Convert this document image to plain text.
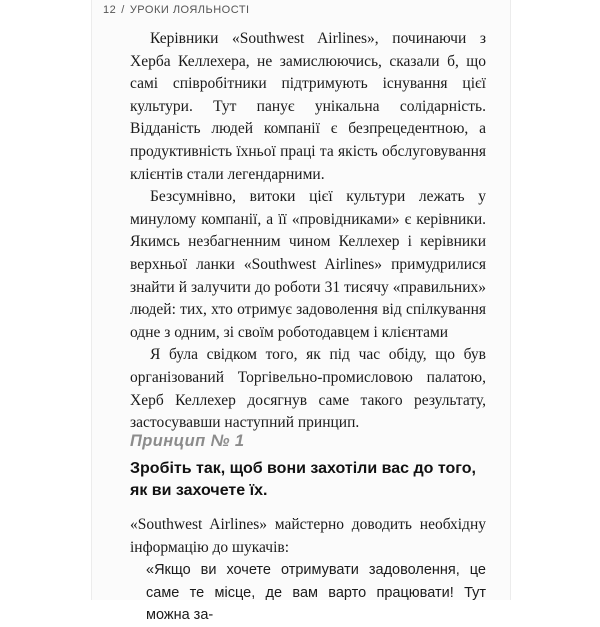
12 / УРОКИ ЛОЯЛЬНОСТІ

Керівники «Southwest Airlines», починаючи з Херба Келлехера, не замислюючись, сказали б, що самі співробітники підтримують існування цієї культури. Тут панує унікальна солідарність. Відданість людей компанії є безпрецедентною, а продуктивність їхньої праці та якість обслуговування клієнтів стали легендарними.

Безсумнівно, витоки цієї культури лежать у минулому компанії, а її «провідниками» є керівники. Якимсь незбагненним чином Келлехер і керівники верхньої ланки «Southwest Airlines» примудрилися знайти й залучити до роботи 31 тисячу «правильних» людей: тих, хто отримує задоволення від спілкування одне з одним, зі своїм роботодавцем і клієнтами

Я була свідком того, як під час обіду, що був організований Торгівельно-промисловою палатою, Херб Келлехер досягнув саме такого результату, застосувавши наступний принцип.

Принцип № 1
Зробіть так, щоб вони захотіли вас до того, як ви захочете їх.

«Southwest Airlines» майстерно доводить необхідну інформацію до шукачів:

«Якщо ви хочете отримувати задоволення, це саме те місце, де вам варто працювати! Тут можна за-
